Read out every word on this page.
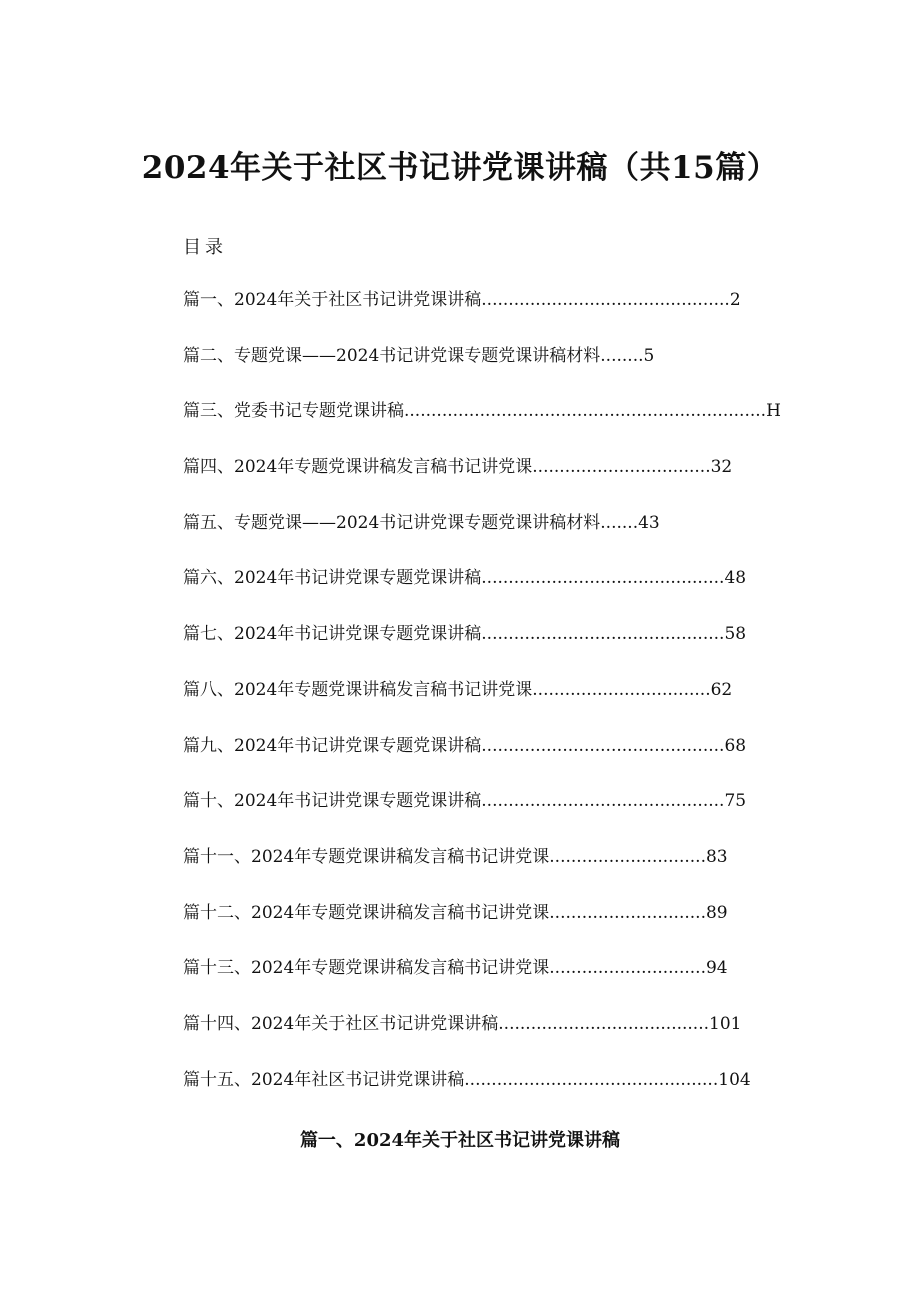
2024年关于社区书记讲党课讲稿（共15篇）
目录
篇一、2024年关于社区书记讲党课讲稿..............................................2
篇二、专题党课——2024书记讲党课专题党课讲稿材料........5
篇三、党委书记专题党课讲稿...................................................................H
篇四、2024年专题党课讲稿发言稿书记讲党课.................................32
篇五、专题党课——2024书记讲党课专题党课讲稿材料.......43
篇六、2024年书记讲党课专题党课讲稿.............................................48
篇七、2024年书记讲党课专题党课讲稿.............................................58
篇八、2024年专题党课讲稿发言稿书记讲党课.................................62
篇九、2024年书记讲党课专题党课讲稿.............................................68
篇十、2024年书记讲党课专题党课讲稿.............................................75
篇十一、2024年专题党课讲稿发言稿书记讲党课.............................83
篇十二、2024年专题党课讲稿发言稿书记讲党课.............................89
篇十三、2024年专题党课讲稿发言稿书记讲党课.............................94
篇十四、2024年关于社区书记讲党课讲稿.......................................101
篇十五、2024年社区书记讲党课讲稿...............................................104
篇一、2024年关于社区书记讲党课讲稿
